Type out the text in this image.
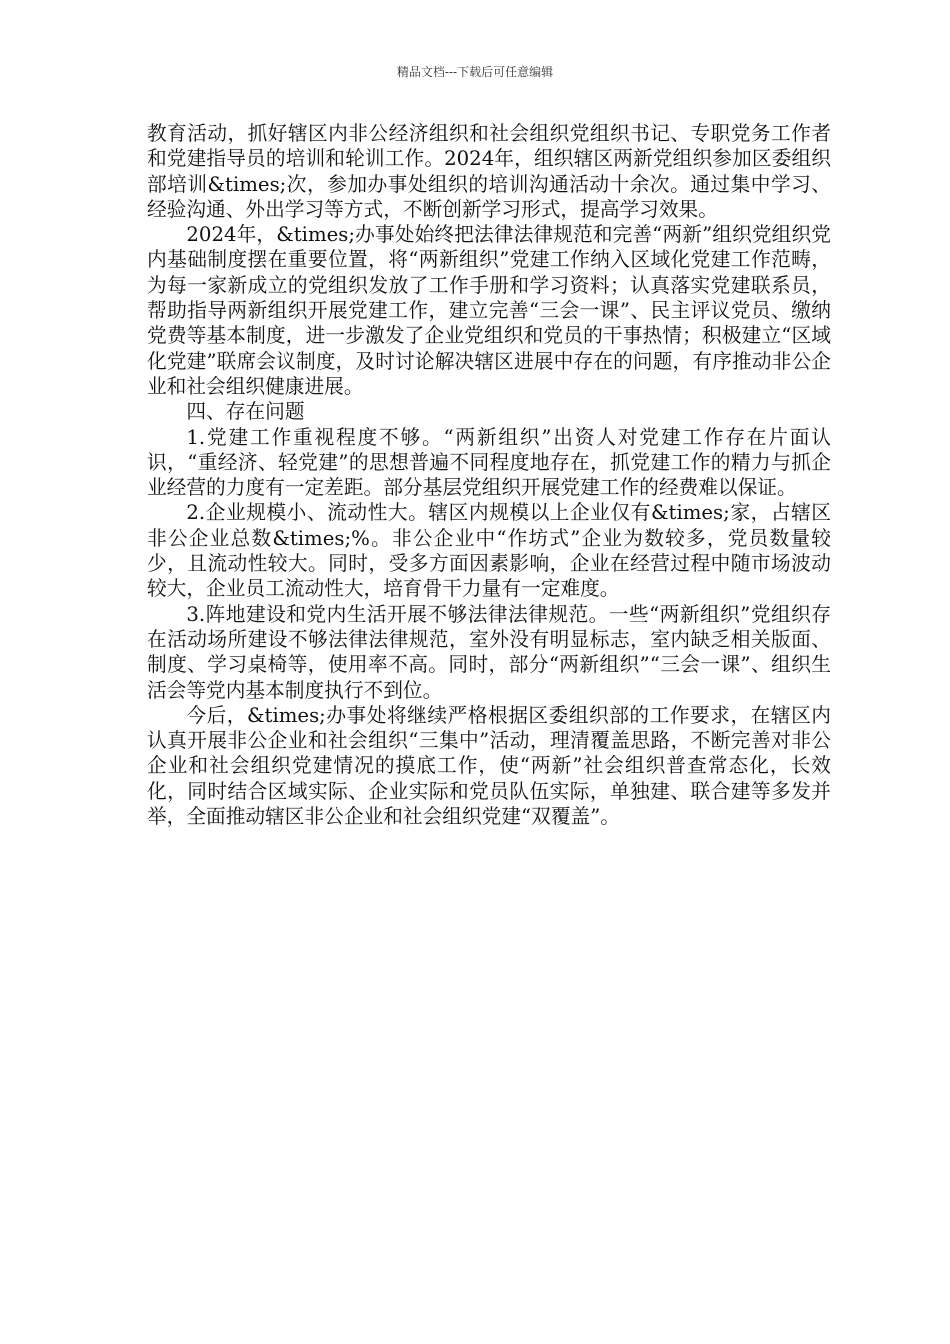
精品文档---下载后可任意编辑

教育活动，抓好辖区内非公经济组织和社会组织党组织书记、专职党务工作者和党建指导员的培训和轮训工作。2024年，组织辖区两新党组织参加区委组织部培训&times;次，参加办事处组织的培训沟通活动十余次。通过集中学习、经验沟通、外出学习等方式，不断创新学习形式，提高学习效果。

2024年，&times;办事处始终把法律法律规范和完善“两新”组织党组织党内基础制度摆在重要位置，将“两新组织”党建工作纳入区域化党建工作范畴，为每一家新成立的党组织发放了工作手册和学习资料；认真落实党建联系员，帮助指导两新组织开展党建工作，建立完善“三会一课”、民主评议党员、缴纳党费等基本制度，进一步激发了企业党组织和党员的干事热情；积极建立“区域化党建”联席会议制度，及时讨论解决辖区进展中存在的问题，有序推动非公企业和社会组织健康进展。

四、存在问题

1.党建工作重视程度不够。“两新组织”出资人对党建工作存在片面认识，“重经济、轻党建”的思想普遍不同程度地存在，抓党建工作的精力与抓企业经营的力度有一定差距。部分基层党组织开展党建工作的经费难以保证。

2.企业规模小、流动性大。辖区内规模以上企业仅有&times;家，占辖区非公企业总数&times;%。非公企业中“作坊式”企业为数较多，党员数量较少，且流动性较大。同时，受多方面因素影响，企业在经营过程中随市场波动较大，企业员工流动性大，培育骨干力量有一定难度。

3.阵地建设和党内生活开展不够法律法律规范。一些“两新组织”党组织存在活动场所建设不够法律法律规范，室外没有明显标志，室内缺乏相关版面、制度、学习桌椅等，使用率不高。同时，部分“两新组织”“三会一课”、组织生活会等党内基本制度执行不到位。

今后，&times;办事处将继续严格根据区委组织部的工作要求，在辖区内认真开展非公企业和社会组织“三集中”活动，理清覆盖思路，不断完善对非公企业和社会组织党建情况的摸底工作，使“两新”社会组织普查常态化，长效化，同时结合区域实际、企业实际和党员队伍实际，单独建、联合建等多发并举，全面推动辖区非公企业和社会组织党建“双覆盖”。
